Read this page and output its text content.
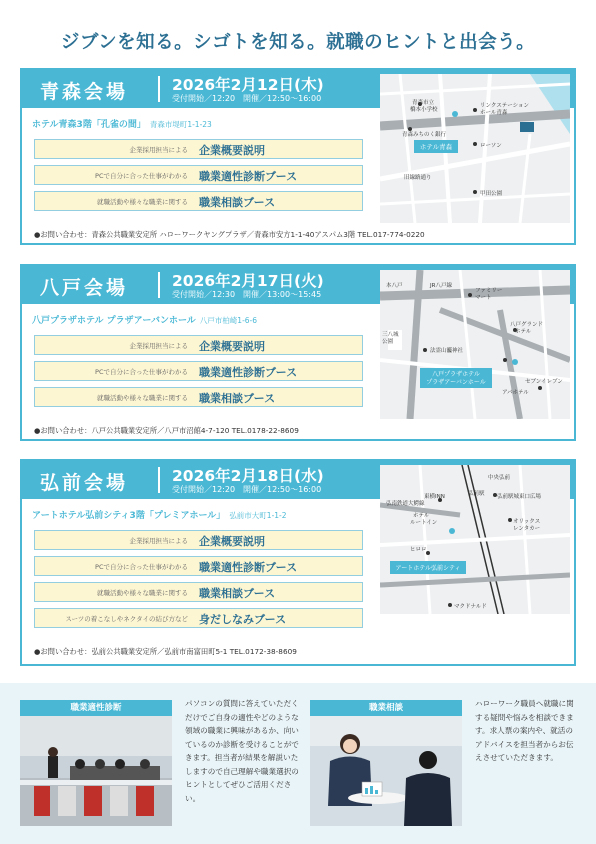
ジブンを知る。シゴトを知る。就職のヒントと出会う。
青森会場	2026年2月12日(木)
受付開始／12:20　開催／12:50〜16:00
ホテル青森
青森市立
橋本小学校
青森みちのく銀行
リンクステーション
ホール青森
ローソン
旧線路通り
甲田公園
ホテル青森3階「孔雀の間」 青森市堤町1-1-23
企業採用担当による 企業概要説明
PCで自分に合った仕事がわかる 職業適性診断ブース
就職活動や様々な職業に関する 職業相談ブース
●お問い合わせ：青森公共職業安定所 ハローワークヤングプラザ／青森市安方1-1-40アスパム3階 TEL.017-774-0220
八戸会場	2026年2月17日(火)
受付開始／12:30　開催／13:00〜15:45
八戸プラザホテル
プラザアーバンホール
本八戸	JR八戸線
ファミリー
マート
三八城
公園
法霊山龗神社
八戸グランド
ホテル
セブンイレブン
アパホテル
八戸プラザホテル プラザアーバンホール 八戸市柏崎1-6-6
企業採用担当による 企業概要説明
PCで自分に合った仕事がわかる 職業適性診断ブース
就職活動や様々な職業に関する 職業相談ブース
●お問い合わせ：八戸公共職業安定所／八戸市沼館4-7-120 TEL.0178-22-8609
弘前会場	2026年2月18日(水)
受付開始／12:20　開催／12:50〜16:00
アートホテル弘前シティ
弘前駅
東横INN
ホテル
ルートイン
ヒロロ
弘前駅城東口広場
オリックス
レンタカー
マクドナルド
弘南鉄道大鰐線
中央弘前
アートホテル弘前シティ3階「プレミアホール」 弘前市大町1-1-2
企業採用担当による 企業概要説明
PCで自分に合った仕事がわかる 職業適性診断ブース
就職活動や様々な職業に関する 職業相談ブース
スーツの着こなしやネクタイの結び方など 身だしなみブース
●お問い合わせ：弘前公共職業安定所／弘前市南富田町5-1 TEL.0172-38-8609
職業適性診断	パソコンの質問に答えていただくだけでご自身の適性やどのような領域の職業に興味があるか、向いているのか診断を受けることができます。担当者が結果を解説いたしますので自己理解や職業選択のヒントとしてぜひご活用ください。
職業相談	ハローワーク職員へ就職に関する疑問や悩みを相談できます。求人票の案内や、就活のアドバイスを担当者からお伝えさせていただきます。
